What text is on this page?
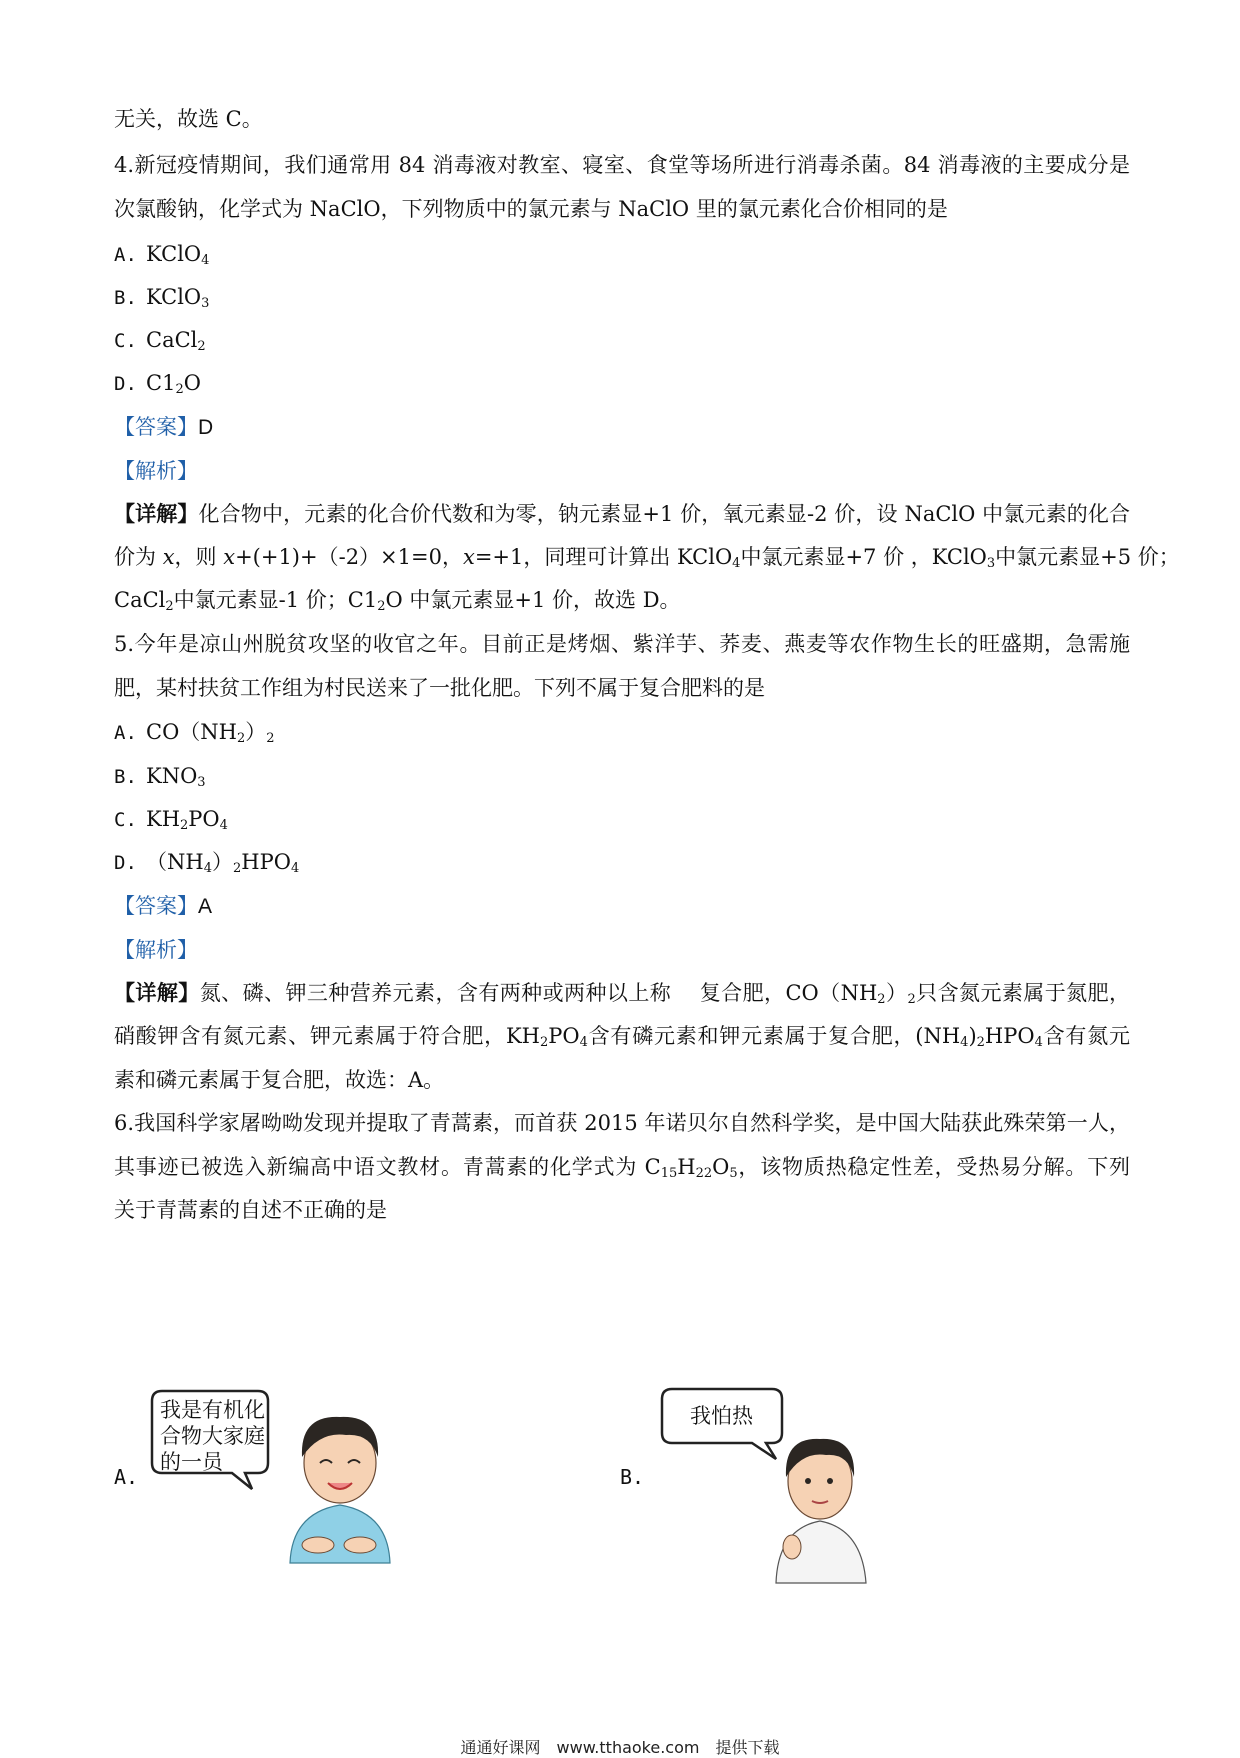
无关，故选 C。
4.新冠疫情期间，我们通常用 84 消毒液对教室、寝室、食堂等场所进行消毒杀菌。84 消毒液的主要成分是
次氯酸钠，化学式为 NaClO，下列物质中的氯元素与 NaClO 里的氯元素化合价相同的是
A. KClO$_4$
B. KClO$_3$
C. CaCl$_2$
D. $C1_2O$
【答案】D
【解析】
【详解】化合物中，元素的化合价代数和为零，钠元素显+1 价，氧元素显-2 价，设 NaClO 中氯元素的化合
价为 x，则 x+(+1)+（-2）×1=0，x=+1，同理可计算出 KClO$_4$中氯元素显+7 价 ，KClO$_3$中氯元素显+5 价；
CaCl$_2$中氯元素显-1 价；$C1_2O$ 中氯元素显+1 价，故选 D。
5.今年是凉山州脱贫攻坚的收官之年。目前正是烤烟、紫洋芋、荞麦、燕麦等农作物生长的旺盛期，急需施
肥，某村扶贫工作组为村民送来了一批化肥。下列不属于复合肥料的是
A. $CO(NH_2)_2$
B. $KNO_3$
C. $KH_2PO_4$
D. $(NH_4)_2HPO_4$
【答案】A
【解析】
【详解】氮、磷、钾三种营养元素，含有两种或两种以上称　 复合肥，$CO(NH_2)_2$只含氮元素属于氮肥，
硝酸钾含有氮元素、钾元素属于符合肥，$KH_2PO_4$含有磷元素和钾元素属于复合肥，$(NH_4)_2HPO_4$含有氮元
素和磷元素属于复合肥，故选：A。
6.我国科学家屠呦呦发现并提取了青蒿素，而首获 2015 年诺贝尔自然科学奖，是中国大陆获此殊荣第一人，
其事迹已被选入新编高中语文教材。青蒿素的化学式为 $C_{15}H_{22}O_5$，该物质热稳定性差，受热易分解。下列
关于青蒿素的自述不正确的是
A.
我是有机化
合物大家庭
的一员
B.
我怕热
通通好课网　www.tthaoke.com　提供下载
